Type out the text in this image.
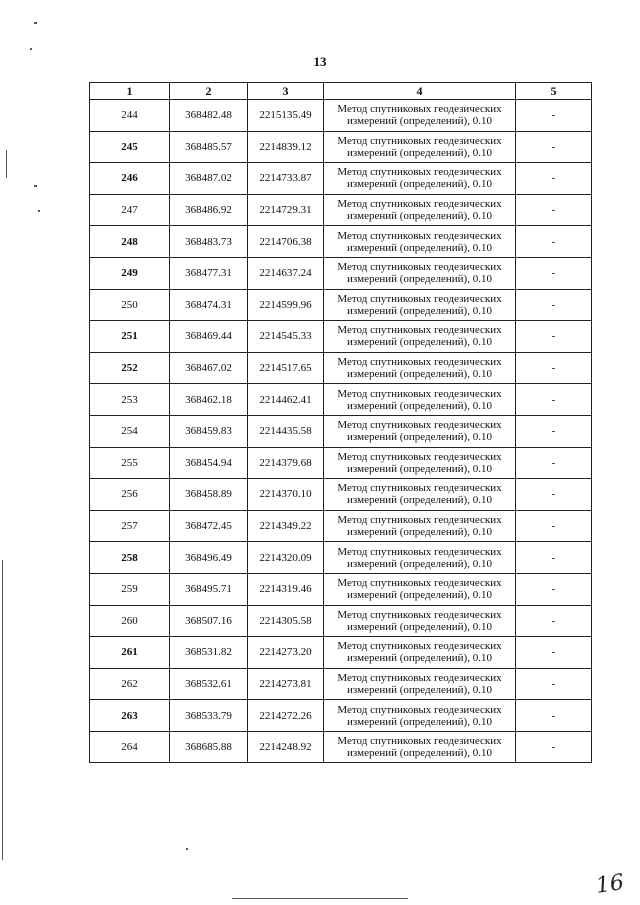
13
1	2	3	4	5
244	368482.48	2215135.49	Метод спутниковых геодезических измерений (определений), 0.10	-
245	368485.57	2214839.12	Метод спутниковых геодезических измерений (определений), 0.10	-
246	368487.02	2214733.87	Метод спутниковых геодезических измерений (определений), 0.10	-
247	368486.92	2214729.31	Метод спутниковых геодезических измерений (определений), 0.10	-
248	368483.73	2214706.38	Метод спутниковых геодезических измерений (определений), 0.10	-
249	368477.31	2214637.24	Метод спутниковых геодезических измерений (определений), 0.10	-
250	368474.31	2214599.96	Метод спутниковых геодезических измерений (определений), 0.10	-
251	368469.44	2214545.33	Метод спутниковых геодезических измерений (определений), 0.10	-
252	368467.02	2214517.65	Метод спутниковых геодезических измерений (определений), 0.10	-
253	368462.18	2214462.41	Метод спутниковых геодезических измерений (определений), 0.10	-
254	368459.83	2214435.58	Метод спутниковых геодезических измерений (определений), 0.10	-
255	368454.94	2214379.68	Метод спутниковых геодезических измерений (определений), 0.10	-
256	368458.89	2214370.10	Метод спутниковых геодезических измерений (определений), 0.10	-
257	368472.45	2214349.22	Метод спутниковых геодезических измерений (определений), 0.10	-
258	368496.49	2214320.09	Метод спутниковых геодезических измерений (определений), 0.10	-
259	368495.71	2214319.46	Метод спутниковых геодезических измерений (определений), 0.10	-
260	368507.16	2214305.58	Метод спутниковых геодезических измерений (определений), 0.10	-
261	368531.82	2214273.20	Метод спутниковых геодезических измерений (определений), 0.10	-
262	368532.61	2214273.81	Метод спутниковых геодезических измерений (определений), 0.10	-
263	368533.79	2214272.26	Метод спутниковых геодезических измерений (определений), 0.10	-
264	368685.88	2214248.92	Метод спутниковых геодезических измерений (определений), 0.10	-
16
